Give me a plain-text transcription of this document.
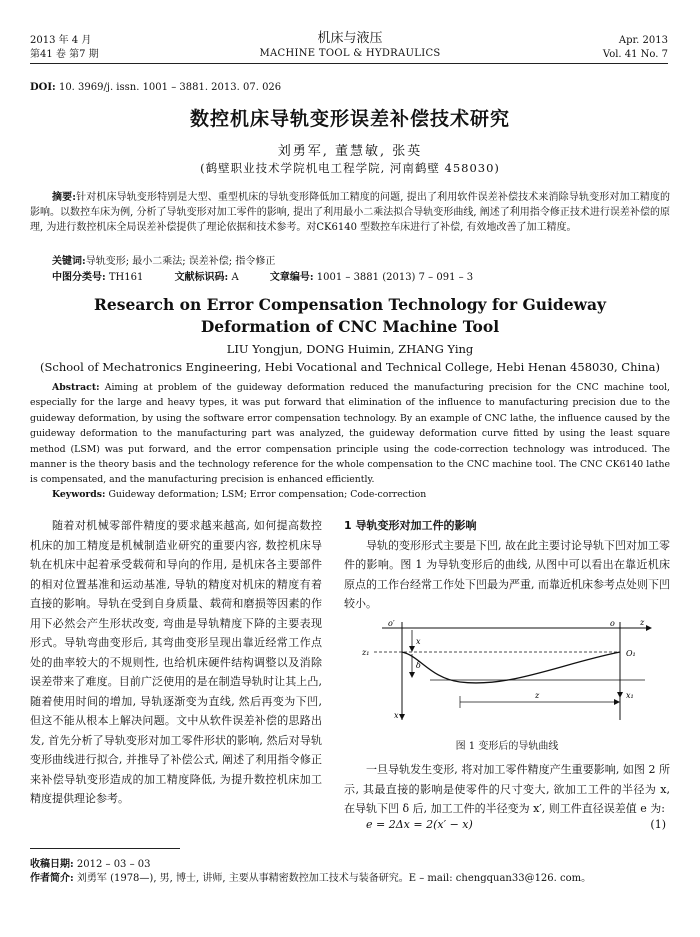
2013 年 4 月
第41 卷 第7 期
机床与液压
MACHINE TOOL & HYDRAULICS
Apr. 2013
Vol. 41 No. 7
DOI: 10. 3969/j. issn. 1001 – 3881. 2013. 07. 026
数控机床导轨变形误差补偿技术研究
刘勇军, 董慧敏, 张英
(鹤壁职业技术学院机电工程学院, 河南鹤壁 458030)
摘要:针对机床导轨变形特别是大型、重型机床的导轨变形降低加工精度的问题, 提出了利用软件误差补偿技术来消除导轨变形对加工精度的影响。以数控车床为例, 分析了导轨变形对加工零件的影响, 提出了利用最小二乘法拟合导轨变形曲线, 阐述了利用指令修正技术进行误差补偿的原理, 为进行数控机床全局误差补偿提供了理论依据和技术参考。对CK6140 型数控车床进行了补偿, 有效地改善了加工精度。
关键词:导轨变形; 最小二乘法; 误差补偿; 指令修正
中图分类号: TH161	文献标识码: A	文章编号: 1001 – 3881 (2013) 7 – 091 – 3
Research on Error Compensation Technology for Guideway Deformation of CNC Machine Tool
LIU Yongjun, DONG Huimin, ZHANG Ying
(School of Mechatronics Engineering, Hebi Vocational and Technical College, Hebi Henan 458030, China)
Abstract: Aiming at problem of the guideway deformation reduced the manufacturing precision for the CNC machine tool, especially for the large and heavy types, it was put forward that elimination of the influence to manufacturing precision due to the guideway deformation, by using the software error compensation technology. By an example of CNC lathe, the influence caused by the guideway deformation to the manufacturing part was analyzed, the guideway deformation curve fitted by using the least square method (LSM) was put forward, and the error compensation principle using the code-correction technology was introduced. The manner is the theory basis and the technology reference for the whole compensation to the CNC machine tool. The CNC CK6140 lathe is compensated, and the manufacturing precision is enhanced efficiently.
Keywords: Guideway deformation; LSM; Error compensation; Code-correction
随着对机械零部件精度的要求越来越高, 如何提高数控机床的加工精度是机械制造业研究的重要内容, 数控机床导轨在机床中起着承受载荷和导向的作用, 是机床各主要部件的相对位置基准和运动基准, 导轨的精度对机床的精度有着直接的影响。导轨在受到自身质量、载荷和磨损等因素的作用下必然会产生形状改变, 弯曲是导轨精度下降的主要表现形式。导轨弯曲变形后, 其弯曲变形呈现出靠近经常工作点处的曲率较大的不规则性, 也给机床硬件结构调整以及消除误差带来了难度。目前广泛使用的是在制造导轨时让其上凸, 随着使用时间的增加, 导轨逐渐变为直线, 然后再变为下凹, 但这不能从根本上解决问题。文中从软件误差补偿的思路出发, 首先分析了导轨变形对加工零件形状的影响, 然后对导轨变形曲线进行拟合, 并推导了补偿公式, 阐述了利用指令修正来补偿导轨变形造成的加工精度降低, 为提升数控机床加工精度提供理论参考。
1 导轨变形对加工件的影响

导轨的变形形式主要是下凹, 故在此主要讨论导轨下凹对加工零件的影响。图 1 为导轨变形后的曲线, 从图中可以看出在靠近机床原点的工作台经常工作处下凹最为严重, 而靠近机床参考点处则下凹较小。

o′	o	z
z₁	O₁
x
δ
x
z	x₁
图 1 变形后的导轨曲线
一旦导轨发生变形, 将对加工零件精度产生重要影响, 如图 2 所示, 其最直接的影响是使零件的尺寸变大, 欲加工工件的半径为 x, 在导轨下凹 δ 后, 加工工件的半径变为 x′, 则工件直径误差值 e 为:
e = 2Δx = 2(x′ − x)	(1)
收稿日期: 2012 – 03 – 03
作者简介: 刘勇军 (1978—), 男, 博士, 讲师, 主要从事精密数控加工技术与装备研究。E – mail: chengquan33@126. com。
